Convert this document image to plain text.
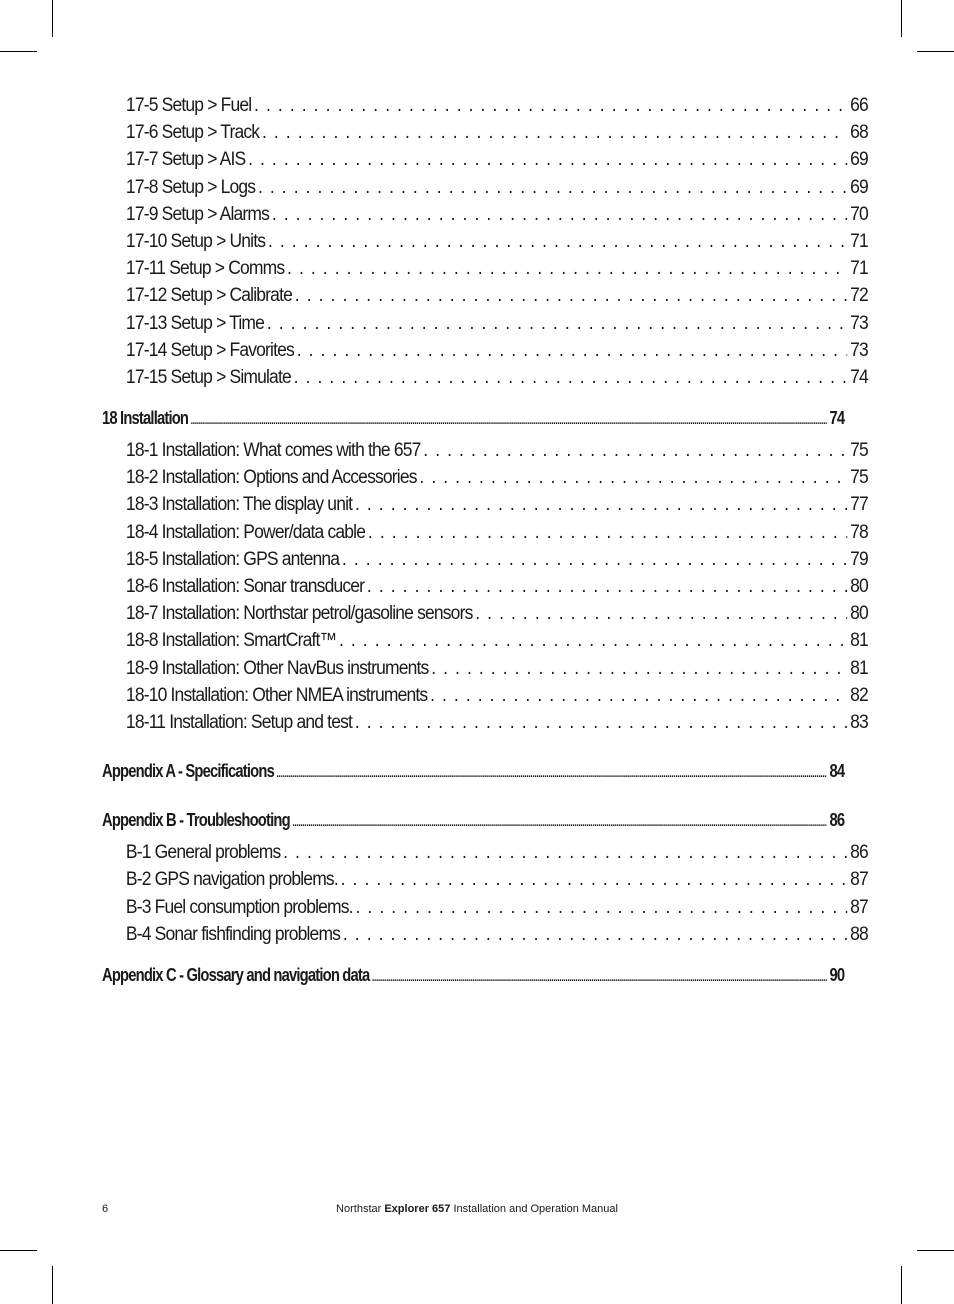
17-5 Setup > Fuel . . .	66
17-6 Setup > Track . . .	68
17-7 Setup > AIS . . .	69
17-8 Setup > Logs . . .	69
17-9 Setup > Alarms . . .	70
17-10 Setup > Units . . .	71
17-11 Setup > Comms . . .	71
17-12 Setup > Calibrate . . .	72
17-13 Setup > Time . . .	73
17-14 Setup > Favorites . . .	73
17-15 Setup > Simulate . . .	74
18 Installation .....	74
18-1 Installation: What comes with the 657 . . .	75
18-2 Installation: Options and Accessories . . .	75
18-3 Installation: The display unit . . .	77
18-4 Installation: Power/data cable . . .	78
18-5 Installation: GPS antenna . . .	79
18-6 Installation: Sonar transducer . . .	80
18-7 Installation: Northstar petrol/gasoline sensors . . .	80
18-8 Installation: SmartCraft™ . . .	81
18-9 Installation: Other NavBus instruments . . .	81
18-10 Installation: Other NMEA instruments . . .	82
18-11 Installation: Setup and test . . .	83
Appendix A - Specifications .....	84
Appendix B - Troubleshooting .....	86
B-1 General problems . . .	86
B-2 GPS navigation problems. . . .	87
B-3 Fuel consumption problems. . . .	87
B-4 Sonar fishfinding problems . . .	88
Appendix C - Glossary and navigation data .....	90
6	Northstar Explorer 657 Installation and Operation Manual
